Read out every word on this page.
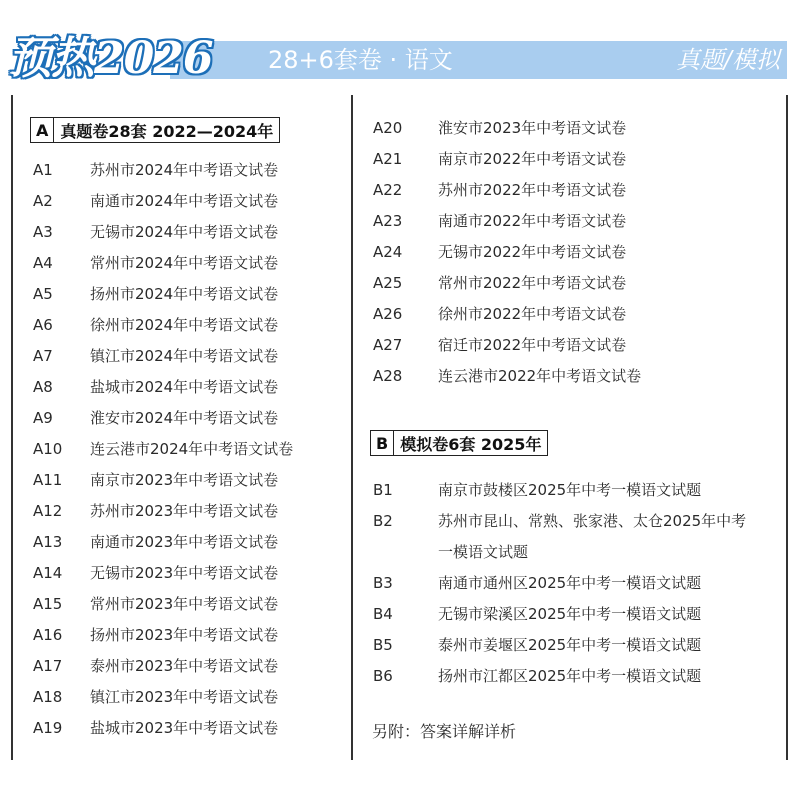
预热2026 28+6套卷 · 语文	真题/模拟
A 真题卷28套 2022—2024年
B 模拟卷6套 2025年
另附：答案详解详析
A1 苏州市2024年中考语文试卷
A2 南通市2024年中考语文试卷
A3 无锡市2024年中考语文试卷
A4 常州市2024年中考语文试卷
A5 扬州市2024年中考语文试卷
A6 徐州市2024年中考语文试卷
A7 镇江市2024年中考语文试卷
A8 盐城市2024年中考语文试卷
A9 淮安市2024年中考语文试卷
A10 连云港市2024年中考语文试卷
A11 南京市2023年中考语文试卷
A12 苏州市2023年中考语文试卷
A13 南通市2023年中考语文试卷
A14 无锡市2023年中考语文试卷
A15 常州市2023年中考语文试卷
A16 扬州市2023年中考语文试卷
A17 泰州市2023年中考语文试卷
A18 镇江市2023年中考语文试卷
A19 盐城市2023年中考语文试卷
A20 淮安市2023年中考语文试卷
A21 南京市2022年中考语文试卷
A22 苏州市2022年中考语文试卷
A23 南通市2022年中考语文试卷
A24 无锡市2022年中考语文试卷
A25 常州市2022年中考语文试卷
A26 徐州市2022年中考语文试卷
A27 宿迁市2022年中考语文试卷
A28 连云港市2022年中考语文试卷
B1	南京市鼓楼区2025年中考一模语文试题
B2	苏州市昆山、常熟、张家港、太仓2025年中考
一模语文试题
B3	南通市通州区2025年中考一模语文试题
B4	无锡市梁溪区2025年中考一模语文试题
B5	泰州市姜堰区2025年中考一模语文试题
B6	扬州市江都区2025年中考一模语文试题
